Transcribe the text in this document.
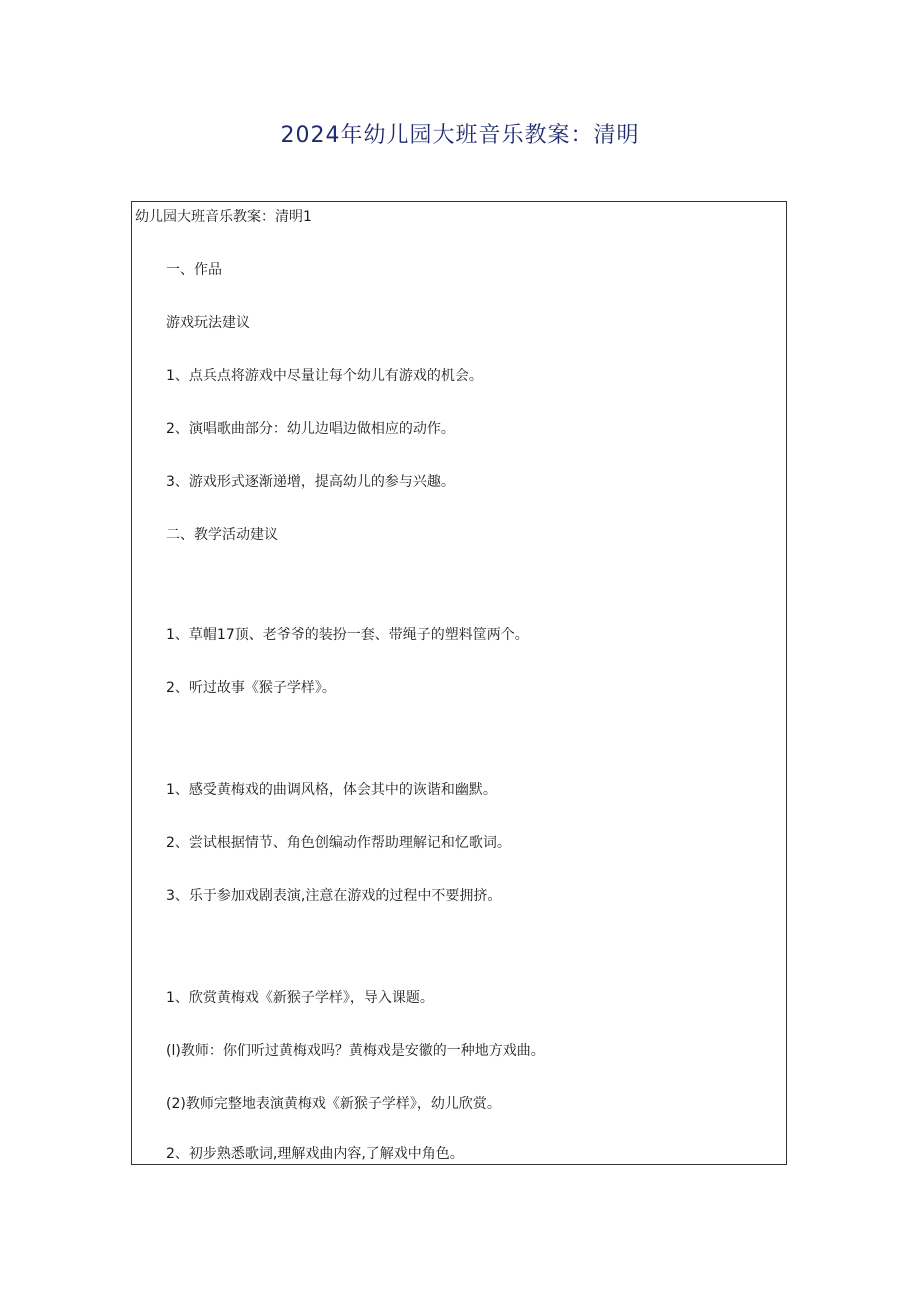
2024年幼儿园大班音乐教案：清明
幼儿园大班音乐教案：清明1
一、作品
游戏玩法建议
1、点兵点将游戏中尽量让每个幼儿有游戏的机会。
2、演唱歌曲部分：幼儿边唱边做相应的动作。
3、游戏形式逐渐递增，提高幼儿的参与兴趣。
二、教学活动建议
1、草帽17顶、老爷爷的装扮一套、带绳子的塑料筐两个。
2、听过故事《猴子学样》。
1、感受黄梅戏的曲调风格，体会其中的诙谐和幽默。
2、尝试根据情节、角色创编动作帮助理解记和忆歌词。
3、乐于参加戏剧表演,注意在游戏的过程中不要拥挤。
1、欣赏黄梅戏《新猴子学样》，导入课题。
(l)教师：你们听过黄梅戏吗？黄梅戏是安徽的一种地方戏曲。
(2)教师完整地表演黄梅戏《新猴子学样》，幼儿欣赏。
2、初步熟悉歌词,理解戏曲内容,了解戏中角色。
